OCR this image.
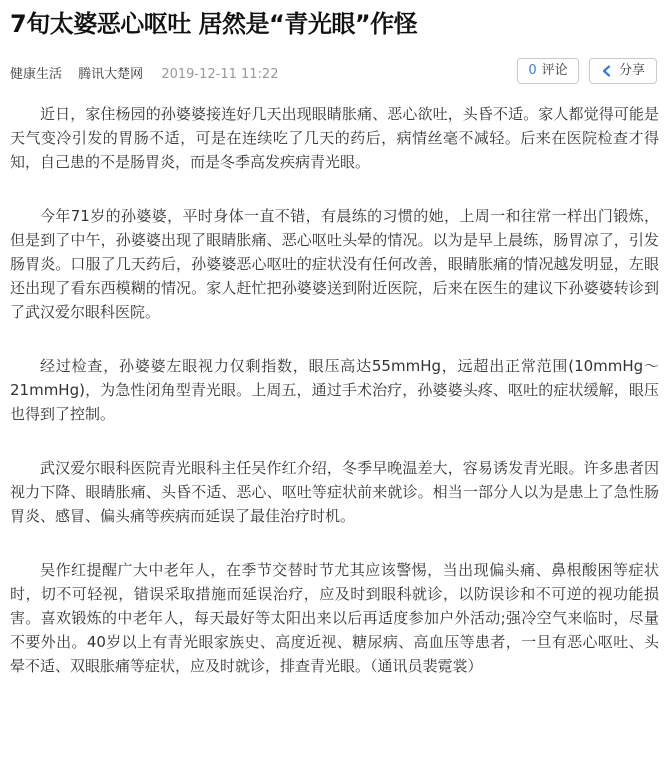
7旬太婆恶心呕吐 居然是“青光眼”作怪
健康生活 腾讯大楚网 2019-12-11 11:22	0 评论	分享

近日，家住杨园的孙婆婆接连好几天出现眼睛胀痛、恶心欲吐，头昏不适。家人都觉得可能是天气变冷引发的胃肠不适，可是在连续吃了几天的药后，病情丝毫不减轻。后来在医院检查才得知，自己患的不是肠胃炎，而是冬季高发疾病青光眼。

今年71岁的孙婆婆，平时身体一直不错，有晨练的习惯的她，上周一和往常一样出门锻炼，但是到了中午，孙婆婆出现了眼睛胀痛、恶心呕吐头晕的情况。以为是早上晨练，肠胃凉了，引发肠胃炎。口服了几天药后，孙婆婆恶心呕吐的症状没有任何改善，眼睛胀痛的情况越发明显，左眼还出现了看东西模糊的情况。家人赶忙把孙婆婆送到附近医院，后来在医生的建议下孙婆婆转诊到了武汉爱尔眼科医院。

经过检查，孙婆婆左眼视力仅剩指数，眼压高达55mmHg，远超出正常范围(10mmHg～21mmHg)，为急性闭角型青光眼。上周五，通过手术治疗，孙婆婆头疼、呕吐的症状缓解，眼压也得到了控制。

武汉爱尔眼科医院青光眼科主任吴作红介绍，冬季早晚温差大，容易诱发青光眼。许多患者因视力下降、眼睛胀痛、头昏不适、恶心、呕吐等症状前来就诊。相当一部分人以为是患上了急性肠胃炎、感冒、偏头痛等疾病而延误了最佳治疗时机。

吴作红提醒广大中老年人，在季节交替时节尤其应该警惕，当出现偏头痛、鼻根酸困等症状时，切不可轻视，错误采取措施而延误治疗，应及时到眼科就诊，以防误诊和不可逆的视功能损害。喜欢锻炼的中老年人，每天最好等太阳出来以后再适度参加户外活动;强冷空气来临时，尽量不要外出。40岁以上有青光眼家族史、高度近视、糖尿病、高血压等患者，一旦有恶心呕吐、头晕不适、双眼胀痛等症状，应及时就诊，排查青光眼。（通讯员裴霓裳）
